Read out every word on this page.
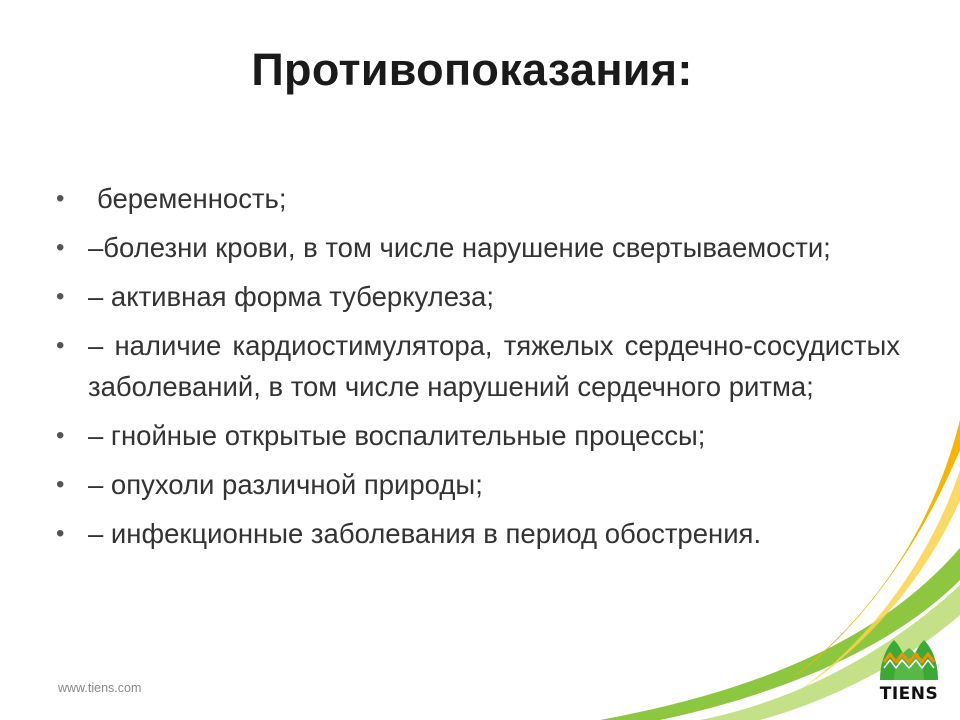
Противопоказания:
•	беременность;
• –болезни крови, в том числе нарушение свертываемости;
• – активная форма туберкулеза;
• – наличие кардиостимулятора, тяжелых сердечно-сосудистых заболеваний, в том числе нарушений сердечного ритма;
• – гнойные открытые воспалительные процессы;
• – опухоли различной природы;
• – инфекционные заболевания в период обострения.
www.tiens.com	TIENS
